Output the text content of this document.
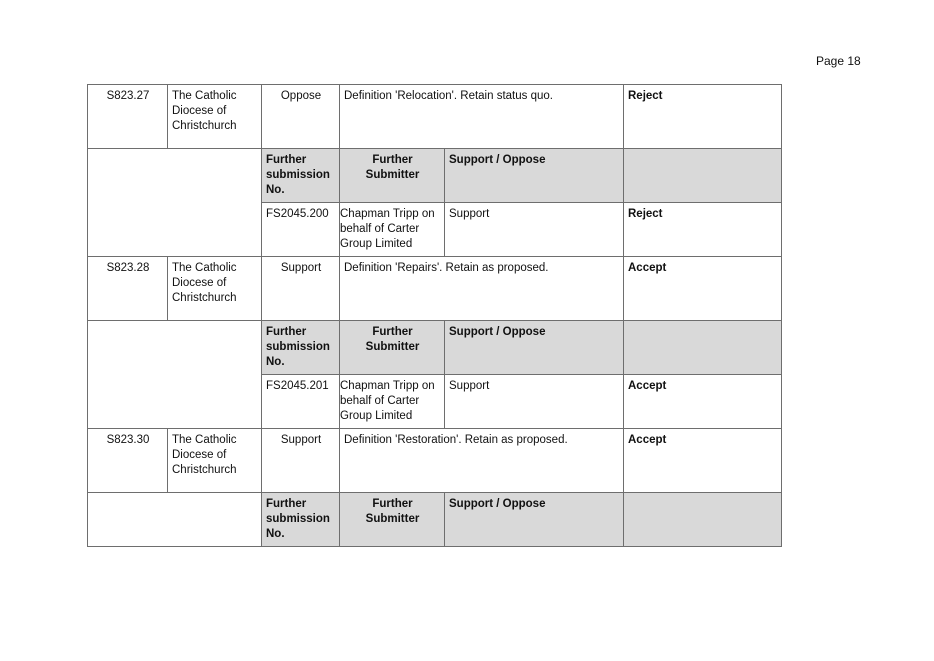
Page 18
S823.27	The Catholic Diocese of Christchurch	Oppose	Definition 'Relocation'. Retain status quo.		Reject
		Further submission No.	Further Submitter	Support / Oppose	
		FS2045.200	Chapman Tripp on behalf of Carter Group Limited	Support	Reject
S823.28	The Catholic Diocese of Christchurch	Support	Definition 'Repairs'. Retain as proposed.		Accept
		Further submission No.	Further Submitter	Support / Oppose	
		FS2045.201	Chapman Tripp on behalf of Carter Group Limited	Support	Accept
S823.30	The Catholic Diocese of Christchurch	Support	Definition 'Restoration'. Retain as proposed.		Accept
		Further submission No.	Further Submitter	Support / Oppose	
